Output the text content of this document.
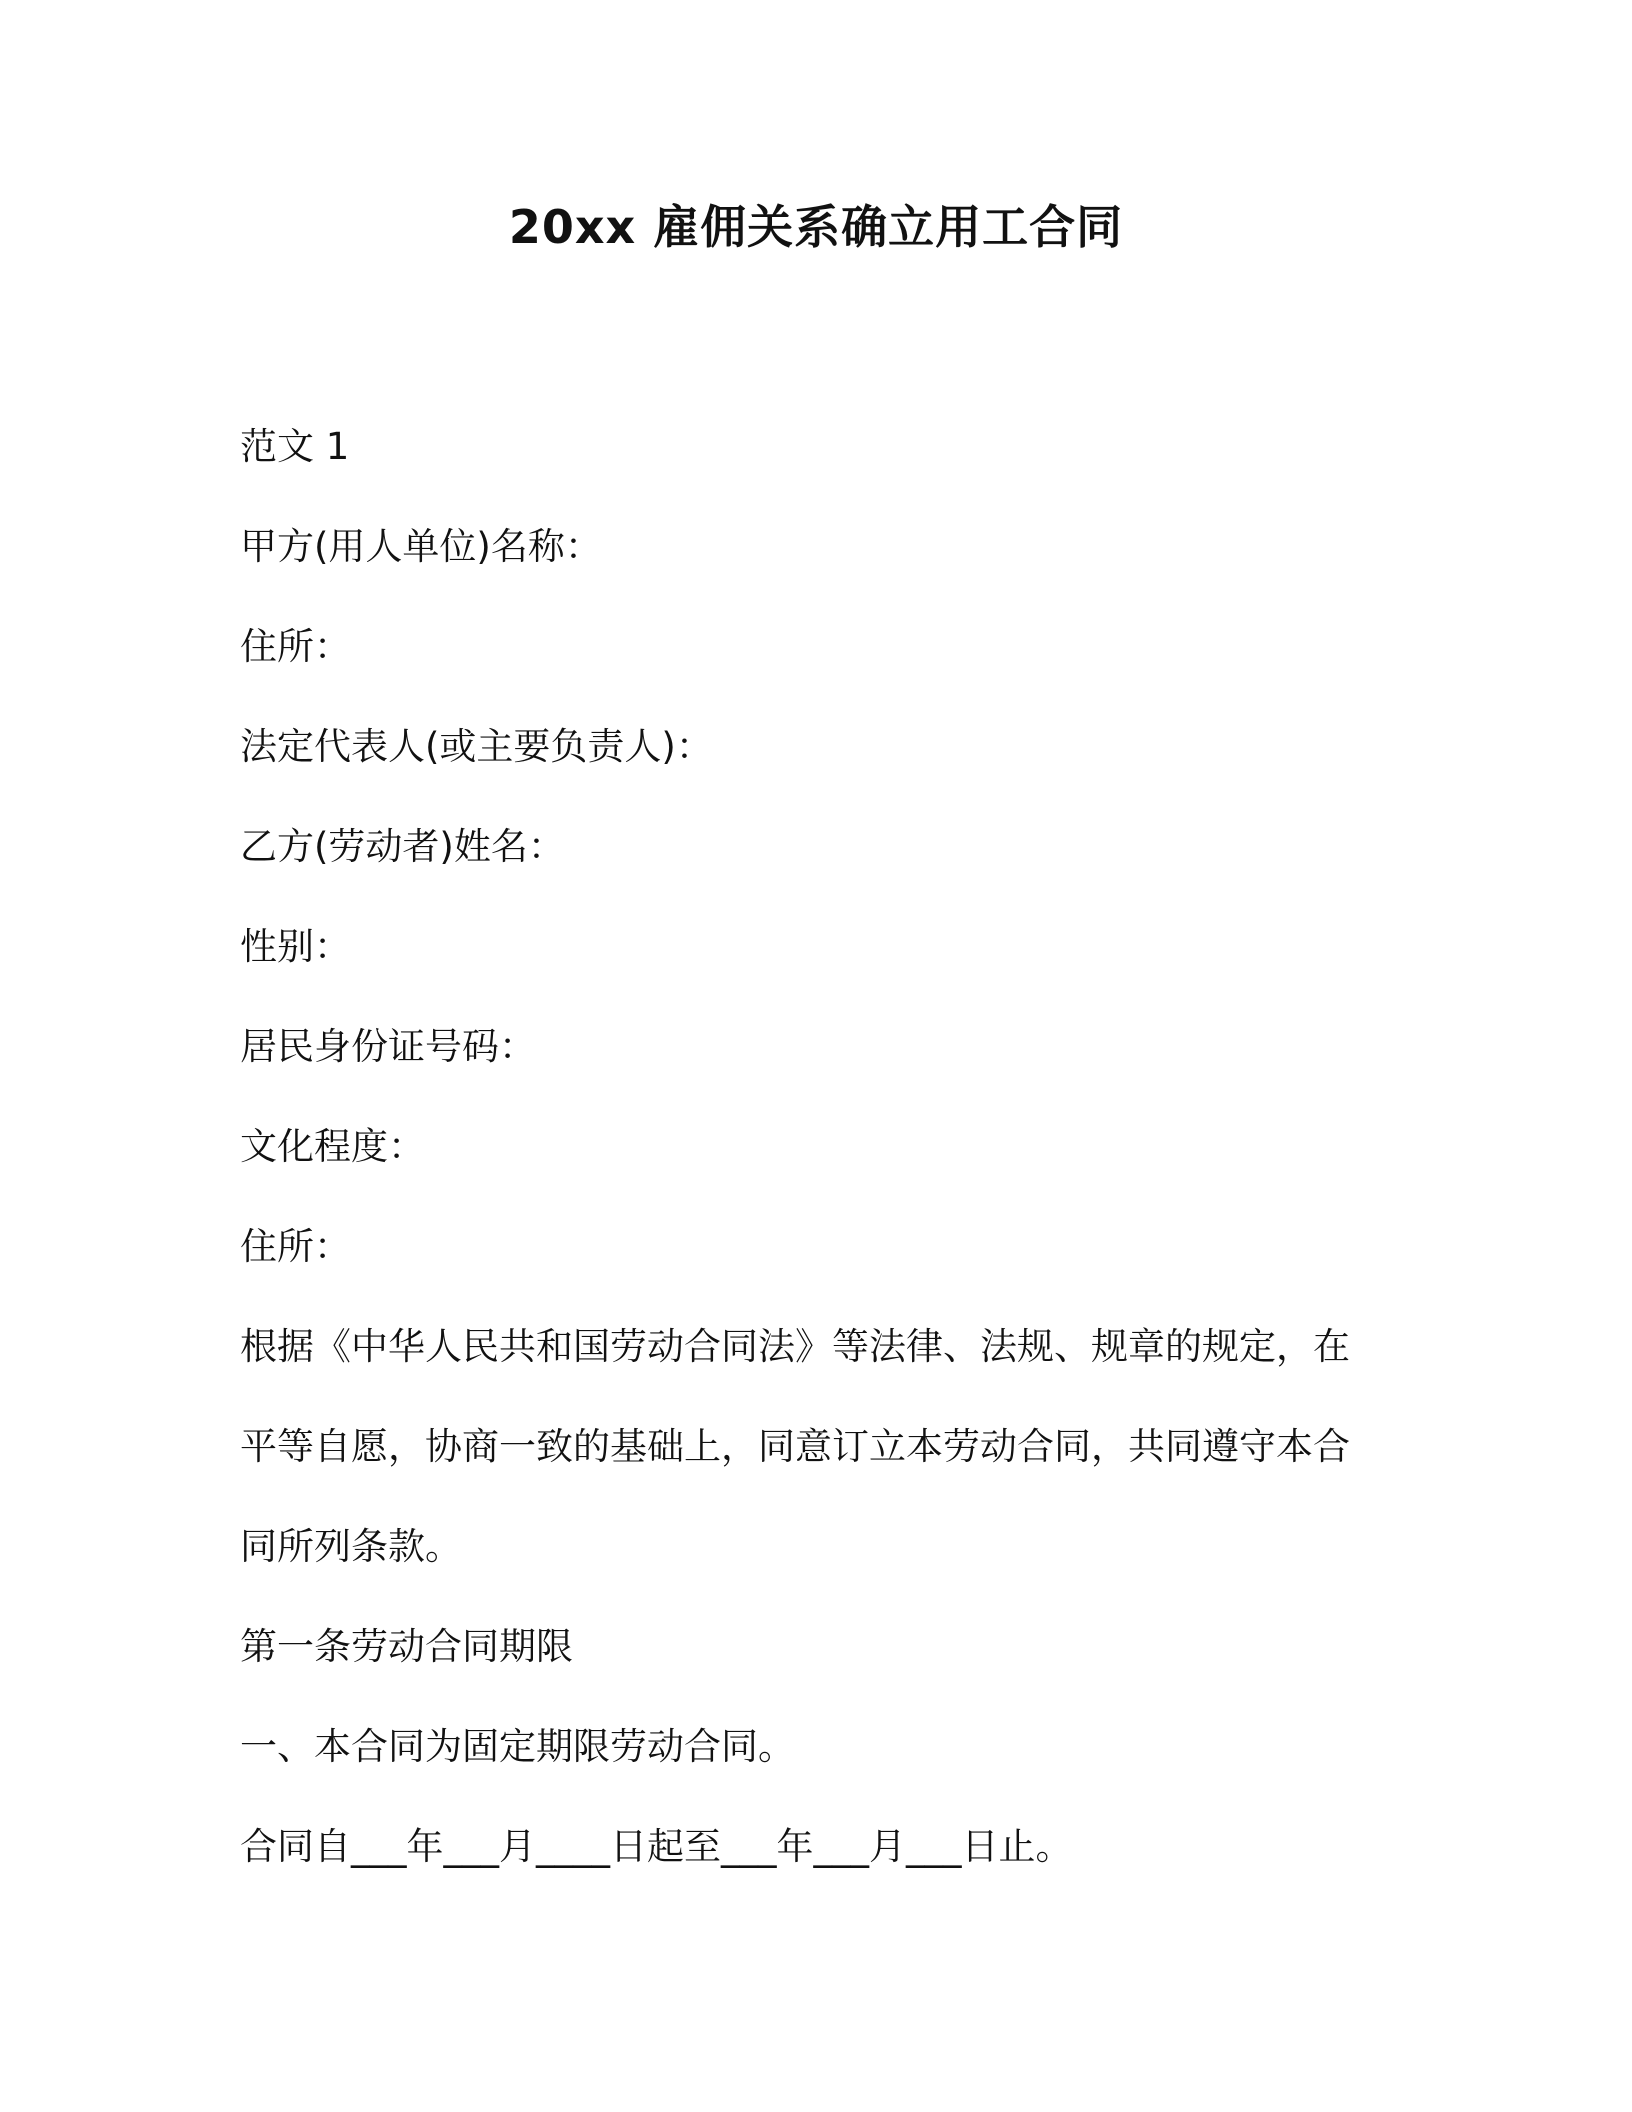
20xx 雇佣关系确立用工合同
范文 1
甲方(用人单位)名称：
住所：
法定代表人(或主要负责人)：
乙方(劳动者)姓名：
性别：
居民身份证号码：
文化程度：
住所：
根据《中华人民共和国劳动合同法》等法律、法规、规章的规定，在
平等自愿，协商一致的基础上，同意订立本劳动合同，共同遵守本合
同所列条款。
第一条劳动合同期限
一、本合同为固定期限劳动合同。
合同自___年___月____日起至___年___月___日止。
